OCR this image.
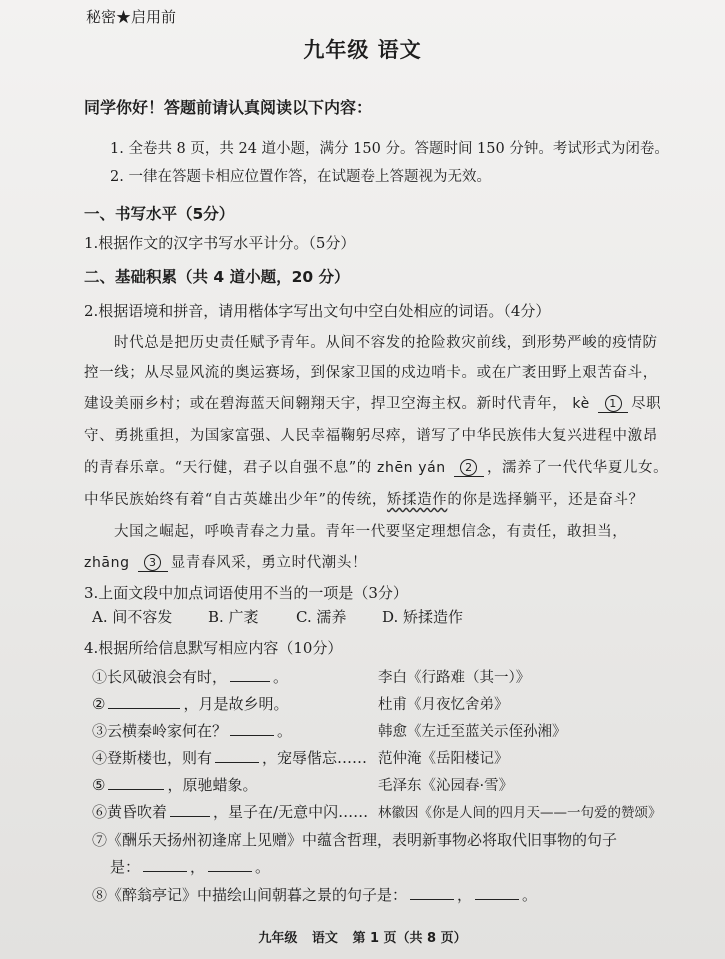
秘密★启用前
九年级 语文
同学你好！答题前请认真阅读以下内容：
1. 全卷共 8 页，共 24 道小题，满分 150 分。答题时间 150 分钟。考试形式为闭卷。
2. 一律在答题卡相应位置作答，在试题卷上答题视为无效。
一、书写水平（5分）
1.根据作文的汉字书写水平计分。（5分）
二、基础积累（共 4 道小题，20 分）
2.根据语境和拼音，请用楷体字写出文句中空白处相应的词语。（4分）
时代总是把历史责任赋予青年。从间不容发的抢险救灾前线，到形势严峻的疫情防
控一线；从尽显风流的奥运赛场，到保家卫国的戍边哨卡。或在广袤田野上艰苦奋斗，
建设美丽乡村；或在碧海蓝天间翱翔天宇，捍卫空海主权。新时代青年， kè 1 尽职
守、勇挑重担，为国家富强、人民幸福鞠躬尽瘁，谱写了中华民族伟大复兴进程中激昂
的青春乐章。“天行健，君子以自强不息”的 zhēn yán 2 ，濡养了一代代华夏儿女。
中华民族始终有着“自古英雄出少年”的传统，矫揉造作的你是选择躺平，还是奋斗？
大国之崛起，呼唤青春之力量。青年一代要坚定理想信念，有责任，敢担当，
zhāng 3 显青春风采，勇立时代潮头！
3.上面文段中加点词语使用不当的一项是（3分）
A. 间不容发 B. 广袤 C. 濡养 D. 矫揉造作
4.根据所给信息默写相应内容（10分）
①长风破浪会有时，	。	李白《行路难（其一）》
②	，月是故乡明。	杜甫《月夜忆舍弟》
③云横秦岭家何在？	。	韩愈《左迁至蓝关示侄孙湘》
④登斯楼也，则有	，宠辱偕忘…… 范仲淹《岳阳楼记》
⑤	，原驰蜡象。	毛泽东《沁园春·雪》
⑥黄昏吹着	，星子在/无意中闪…… 林徽因《你是人间的四月天——一句爱的赞颂》
⑦《酬乐天扬州初逢席上见赠》中蕴含哲理，表明新事物必将取代旧事物的句子
是：	，	。
⑧《醉翁亭记》中描绘山间朝暮之景的句子是：	，	。
九年级 语文 第 1 页（共 8 页）
